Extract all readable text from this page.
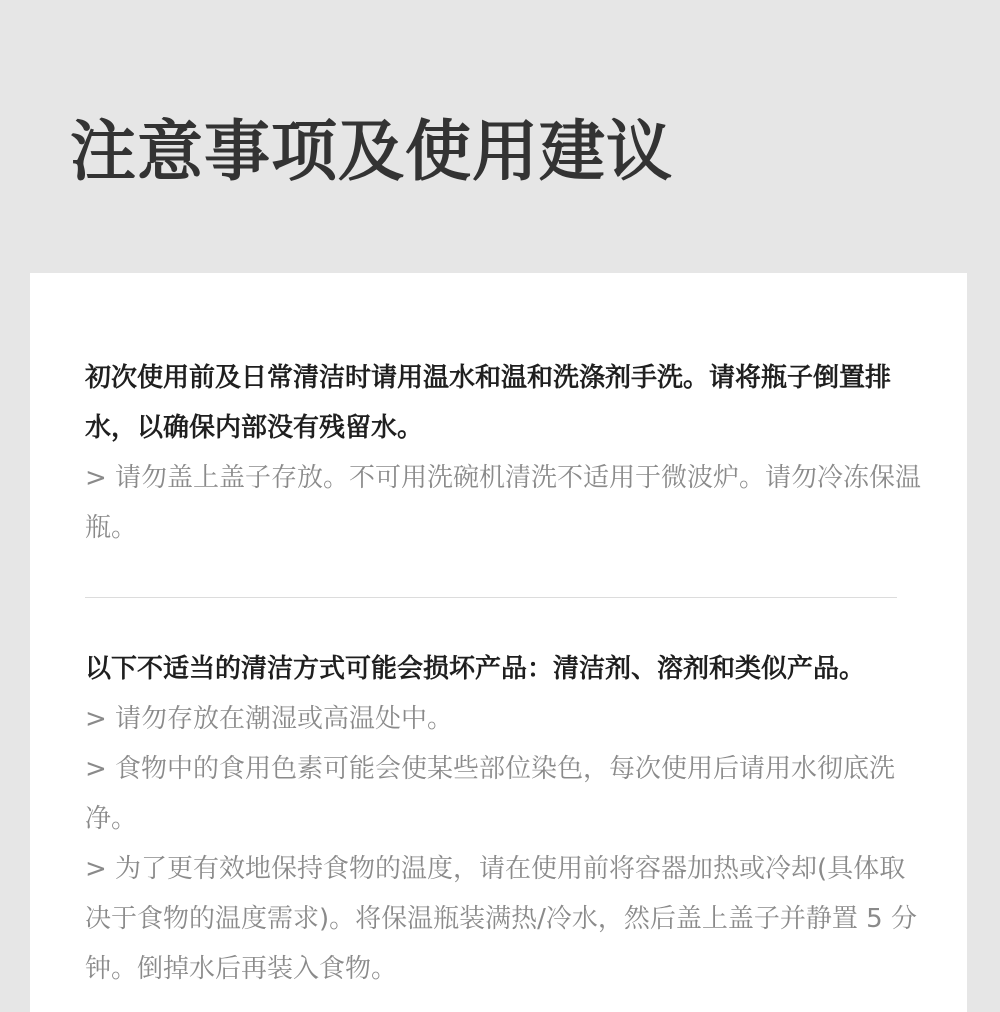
注意事项及使用建议

初次使用前及日常清洁时请用温水和温和洗涤剂手洗。请将瓶子倒置排水，以确保内部没有残留水。

> 请勿盖上盖子存放。不可用洗碗机清洗不适用于微波炉。请勿冷冻保温瓶。

以下不适当的清洁方式可能会损坏产品：清洁剂、溶剂和类似产品。

> 请勿存放在潮湿或高温处中。

> 食物中的食用色素可能会使某些部位染色，每次使用后请用水彻底洗净。

> 为了更有效地保持食物的温度，请在使用前将容器加热或冷却(具体取决于食物的温度需求)。将保温瓶装满热/冷水，然后盖上盖子并静置 5 分钟。倒掉水后再装入食物。
